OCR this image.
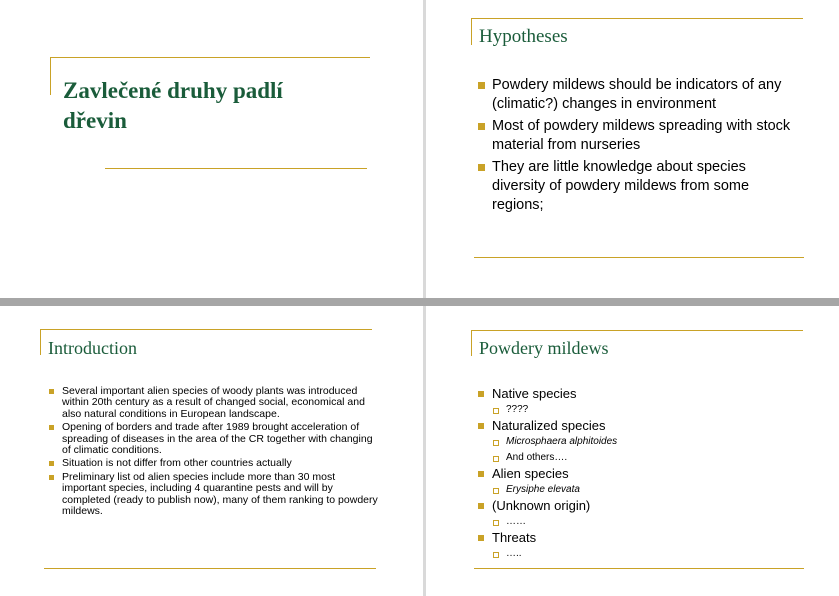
Zavlečené druhy padlí
dřevin
Hypotheses
Powdery mildews should be indicators of any (climatic?) changes in environment
Most of powdery mildews spreading with stock material from nurseries
They are little knowledge about species diversity of powdery mildews from some regions;
Introduction
Several important alien species of woody plants was introduced within 20th century as a result of changed social, economical and also natural conditions in European landscape.
Opening of borders and trade after 1989 brought acceleration of spreading of diseases in the area of the CR together with changing of climatic conditions.
Situation is not differ from other countries actually
Preliminary list od alien species include more than 30 most important species, including 4 quarantine pests and will by completed (ready to publish now), many of them ranking to powdery mildews.
Powdery mildews
Native species
????
Naturalized species
Microsphaera alphitoides
And others….
Alien species
Erysiphe elevata
(Unknown origin)
……
Threats
…..
